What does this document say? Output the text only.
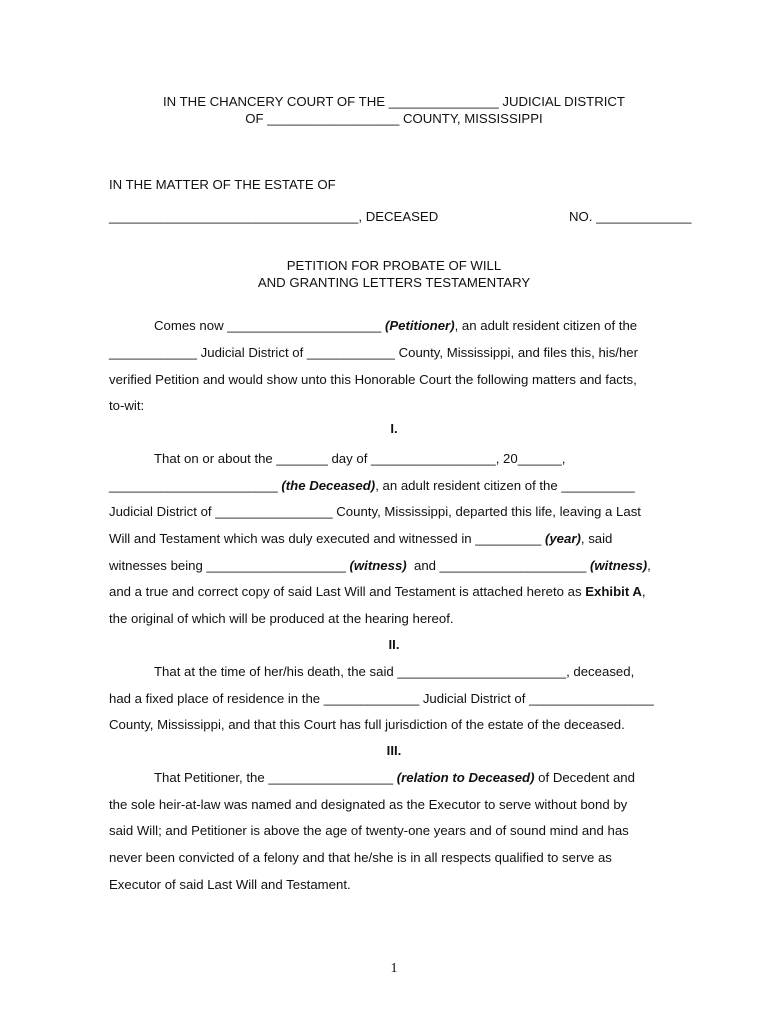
IN THE CHANCERY COURT OF THE _______________ JUDICIAL DISTRICT
OF __________________ COUNTY, MISSISSIPPI
IN THE MATTER OF THE ESTATE OF
__________________________________, DECEASED	NO. _____________
PETITION FOR PROBATE OF WILL
AND GRANTING LETTERS TESTAMENTARY
Comes now _____________________ (Petitioner), an adult resident citizen of the
____________ Judicial District of ____________ County, Mississippi, and files this, his/her
verified Petition and would show unto this Honorable Court the following matters and facts,
to-wit:
I.
That on or about the _______ day of _________________, 20______,
_______________________ (the Deceased), an adult resident citizen of the __________
Judicial District of ________________ County, Mississippi, departed this life, leaving a Last
Will and Testament which was duly executed and witnessed in _________ (year), said
witnesses being ___________________ (witness)  and ____________________ (witness),
and a true and correct copy of said Last Will and Testament is attached hereto as Exhibit A,
the original of which will be produced at the hearing hereof.
II.
That at the time of her/his death, the said _______________________, deceased,
had a fixed place of residence in the _____________ Judicial District of _________________
County, Mississippi, and that this Court has full jurisdiction of the estate of the deceased.
III.
That Petitioner, the _________________ (relation to Deceased) of Decedent and
the sole heir-at-law was named and designated as the Executor to serve without bond by
said Will; and Petitioner is above the age of twenty-one years and of sound mind and has
never been convicted of a felony and that he/she is in all respects qualified to serve as
Executor of said Last Will and Testament.
1
